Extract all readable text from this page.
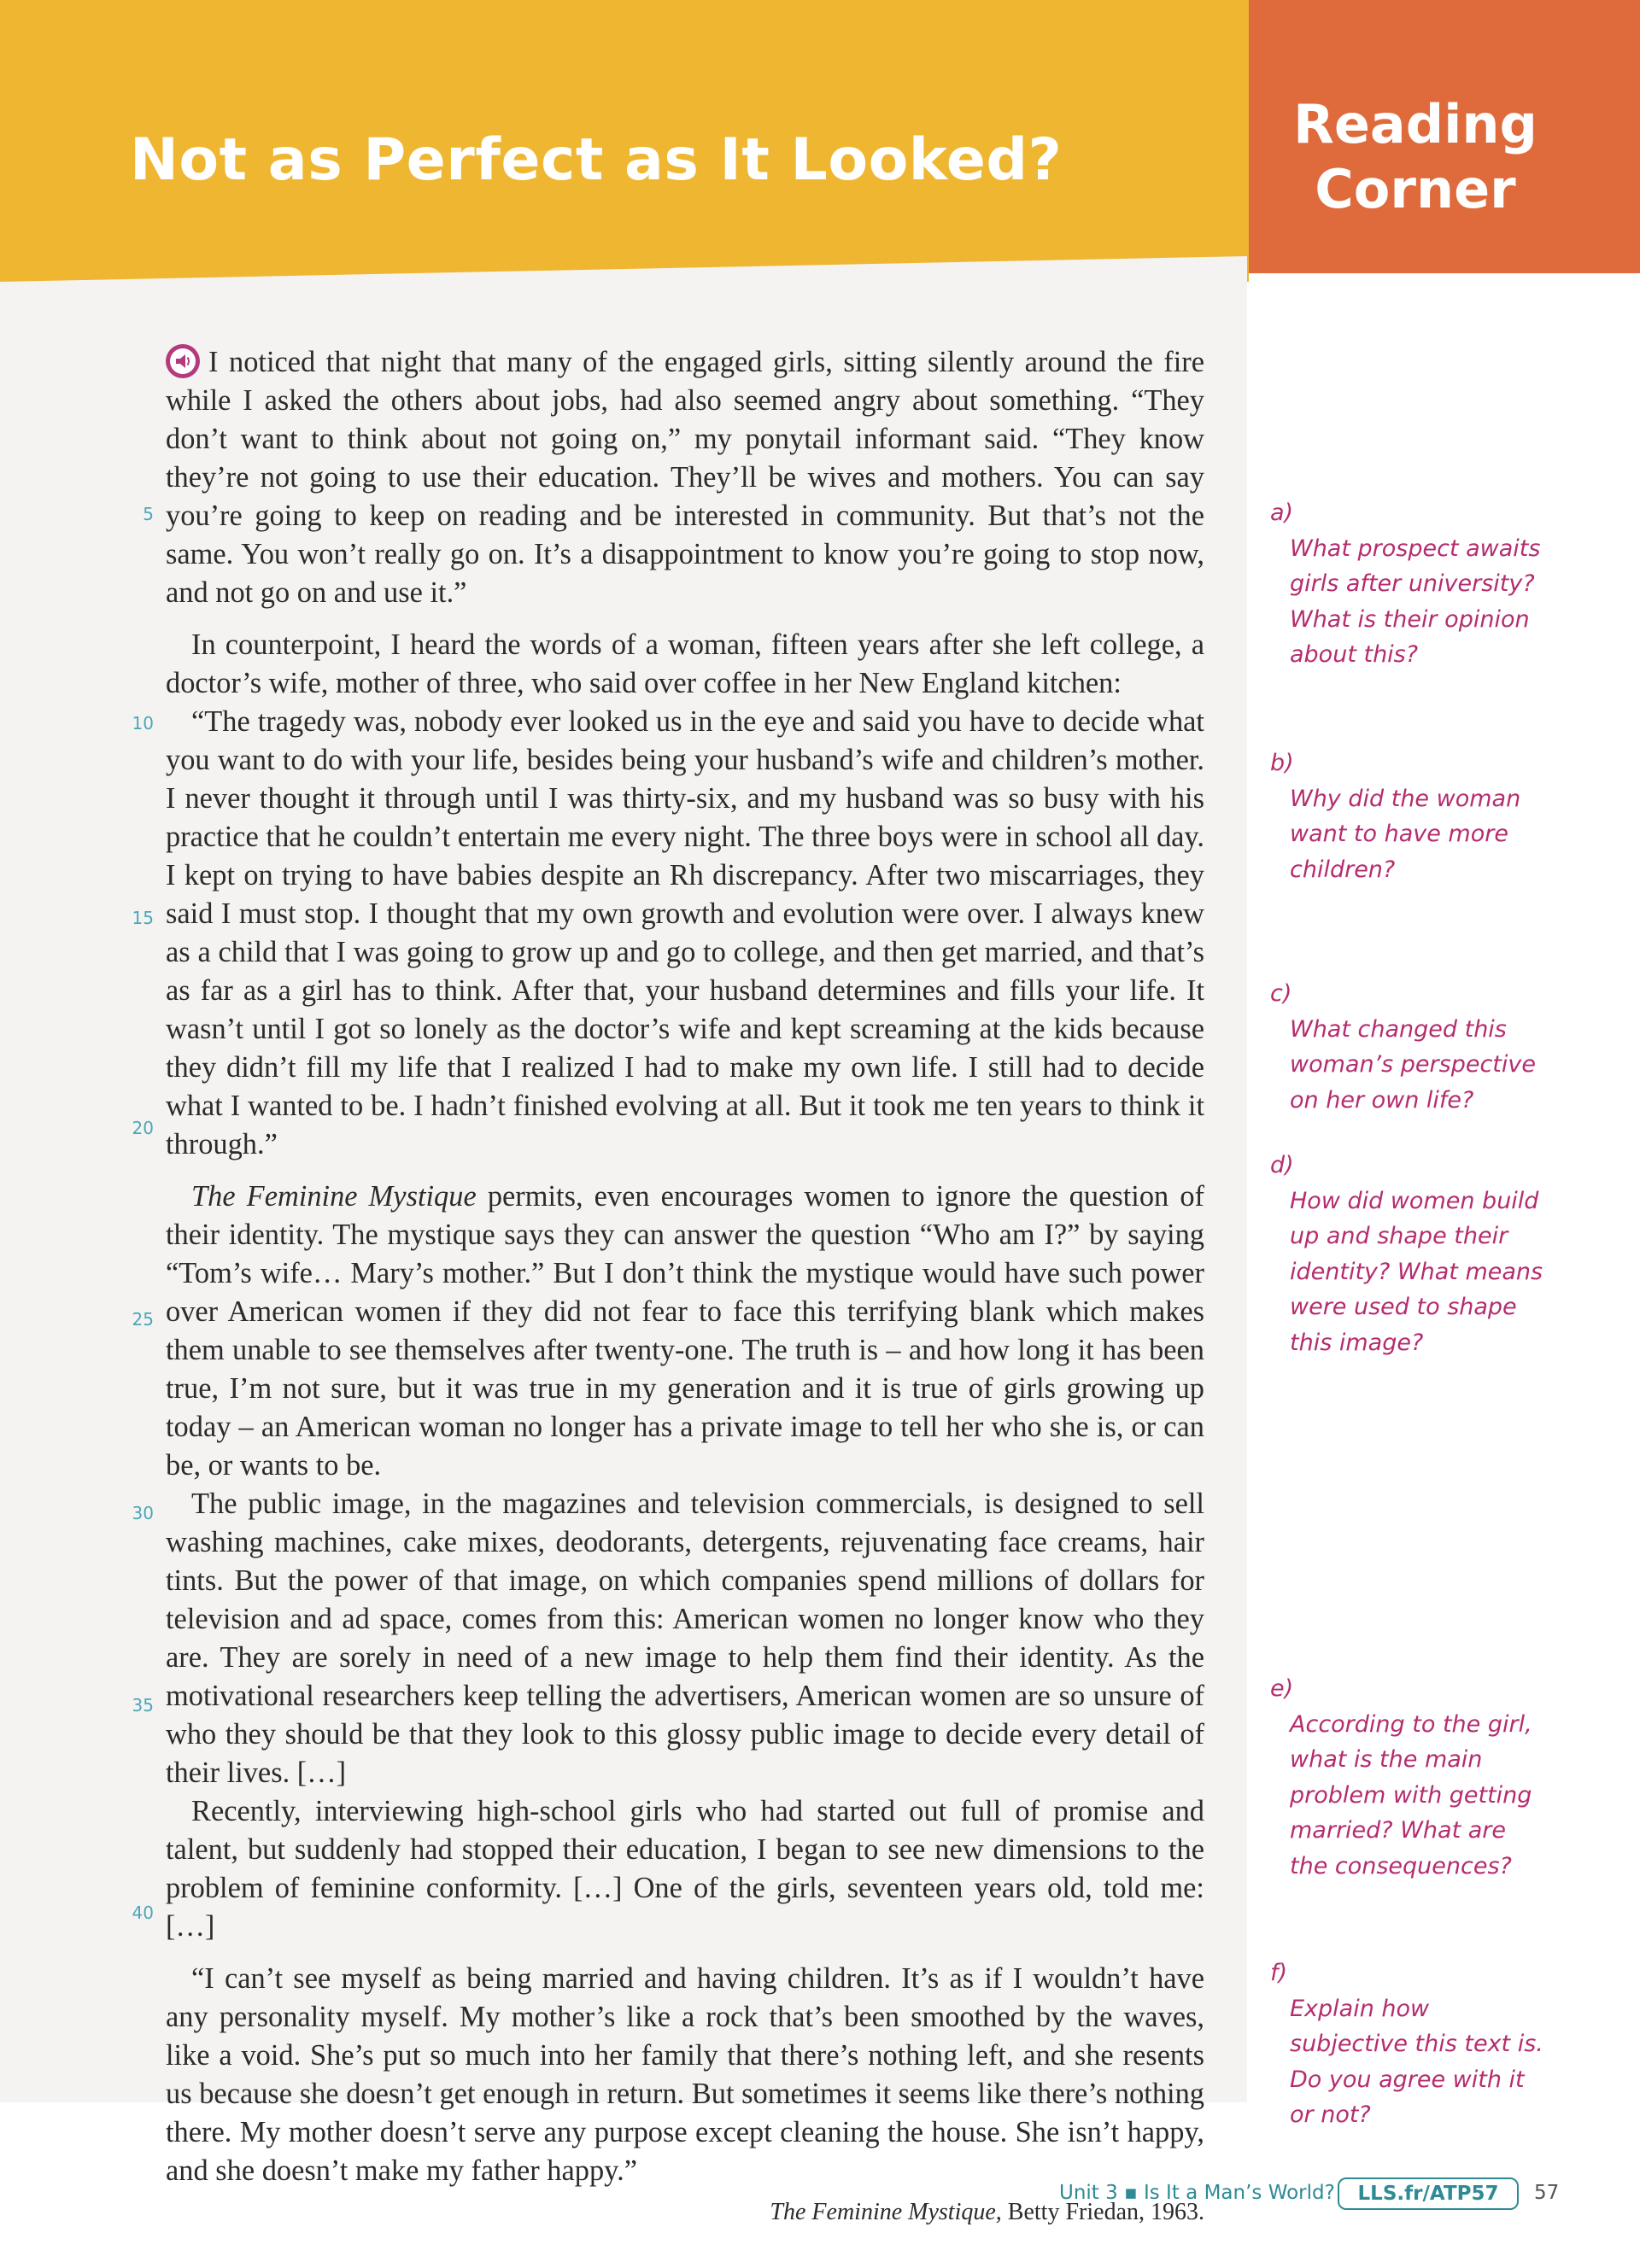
Not as Perfect as It Looked?
Reading
Corner

I noticed that night that many of the engaged girls, sitting silently around the fire while I asked the others about jobs, had also seemed angry about something. “They don’t want to think about not going on,” my ponytail informant said. “They know they’re not going to use their education. They’ll be wives and mothers. You can say you’re going to keep on reading and be interested in community. But that’s not the same. You won’t really go on. It’s a disappointment to know you’re going to stop now, and not go on and use it.”

In counterpoint, I heard the words of a woman, fifteen years after she left college, a doctor’s wife, mother of three, who said over coffee in her New England kitchen:

“The tragedy was, nobody ever looked us in the eye and said you have to decide what you want to do with your life, besides being your husband’s wife and children’s mother. I never thought it through until I was thirty-six, and my husband was so busy with his practice that he couldn’t entertain me every night. The three boys were in school all day. I kept on trying to have babies despite an Rh discrepancy. After two miscarriages, they said I must stop. I thought that my own growth and evolution were over. I always knew as a child that I was going to grow up and go to college, and then get married, and that’s as far as a girl has to think. After that, your husband determines and fills your life. It wasn’t until I got so lonely as the doctor’s wife and kept screaming at the kids because they didn’t fill my life that I realized I had to make my own life. I still had to decide what I wanted to be. I hadn’t finished evolving at all. But it took me ten years to think it through.”

The Feminine Mystique permits, even encourages women to ignore the question of their identity. The mystique says they can answer the question “Who am I?” by saying “Tom’s wife… Mary’s mother.” But I don’t think the mystique would have such power over American women if they did not fear to face this terrifying blank which makes them unable to see themselves after twenty-one. The truth is – and how long it has been true, I’m not sure, but it was true in my generation and it is true of girls growing up today – an American woman no longer has a private image to tell her who she is, or can be, or wants to be.

The public image, in the magazines and television commercials, is designed to sell washing machines, cake mixes, deodorants, detergents, rejuvenating face creams, hair tints. But the power of that image, on which companies spend millions of dollars for television and ad space, comes from this: American women no longer know who they are. They are sorely in need of a new image to help them find their identity. As the motivational researchers keep telling the advertisers, American women are so unsure of who they should be that they look to this glossy public image to decide every detail of their lives. […]

Recently, interviewing high-school girls who had started out full of promise and talent, but suddenly had stopped their education, I began to see new dimensions to the problem of feminine conformity. […] One of the girls, seventeen years old, told me: […]

“I can’t see myself as being married and having children. It’s as if I wouldn’t have any personality myself. My mother’s like a rock that’s been smoothed by the waves, like a void. She’s put so much into her family that there’s nothing left, and she resents us because she doesn’t get enough in return. But sometimes it seems like there’s nothing there. My mother doesn’t serve any purpose except cleaning the house. She isn’t happy, and she doesn’t make my father happy.”

The Feminine Mystique, Betty Friedan, 1963.
5
10
15
20
25
30
35
40
a)
What prospect awaits girls after university? What is their opinion about this?
b)
Why did the woman want to have more children?
c)
What changed this woman’s perspective on her own life?
d)
How did women build up and shape their identity? What means were used to shape this image?
e)
According to the girl, what is the main problem with getting married? What are the consequences?
f)
Explain how subjective this text is. Do you agree with it or not?
Unit 3 ▪ Is It a Man’s World?	LLS.fr/ATP57	57
